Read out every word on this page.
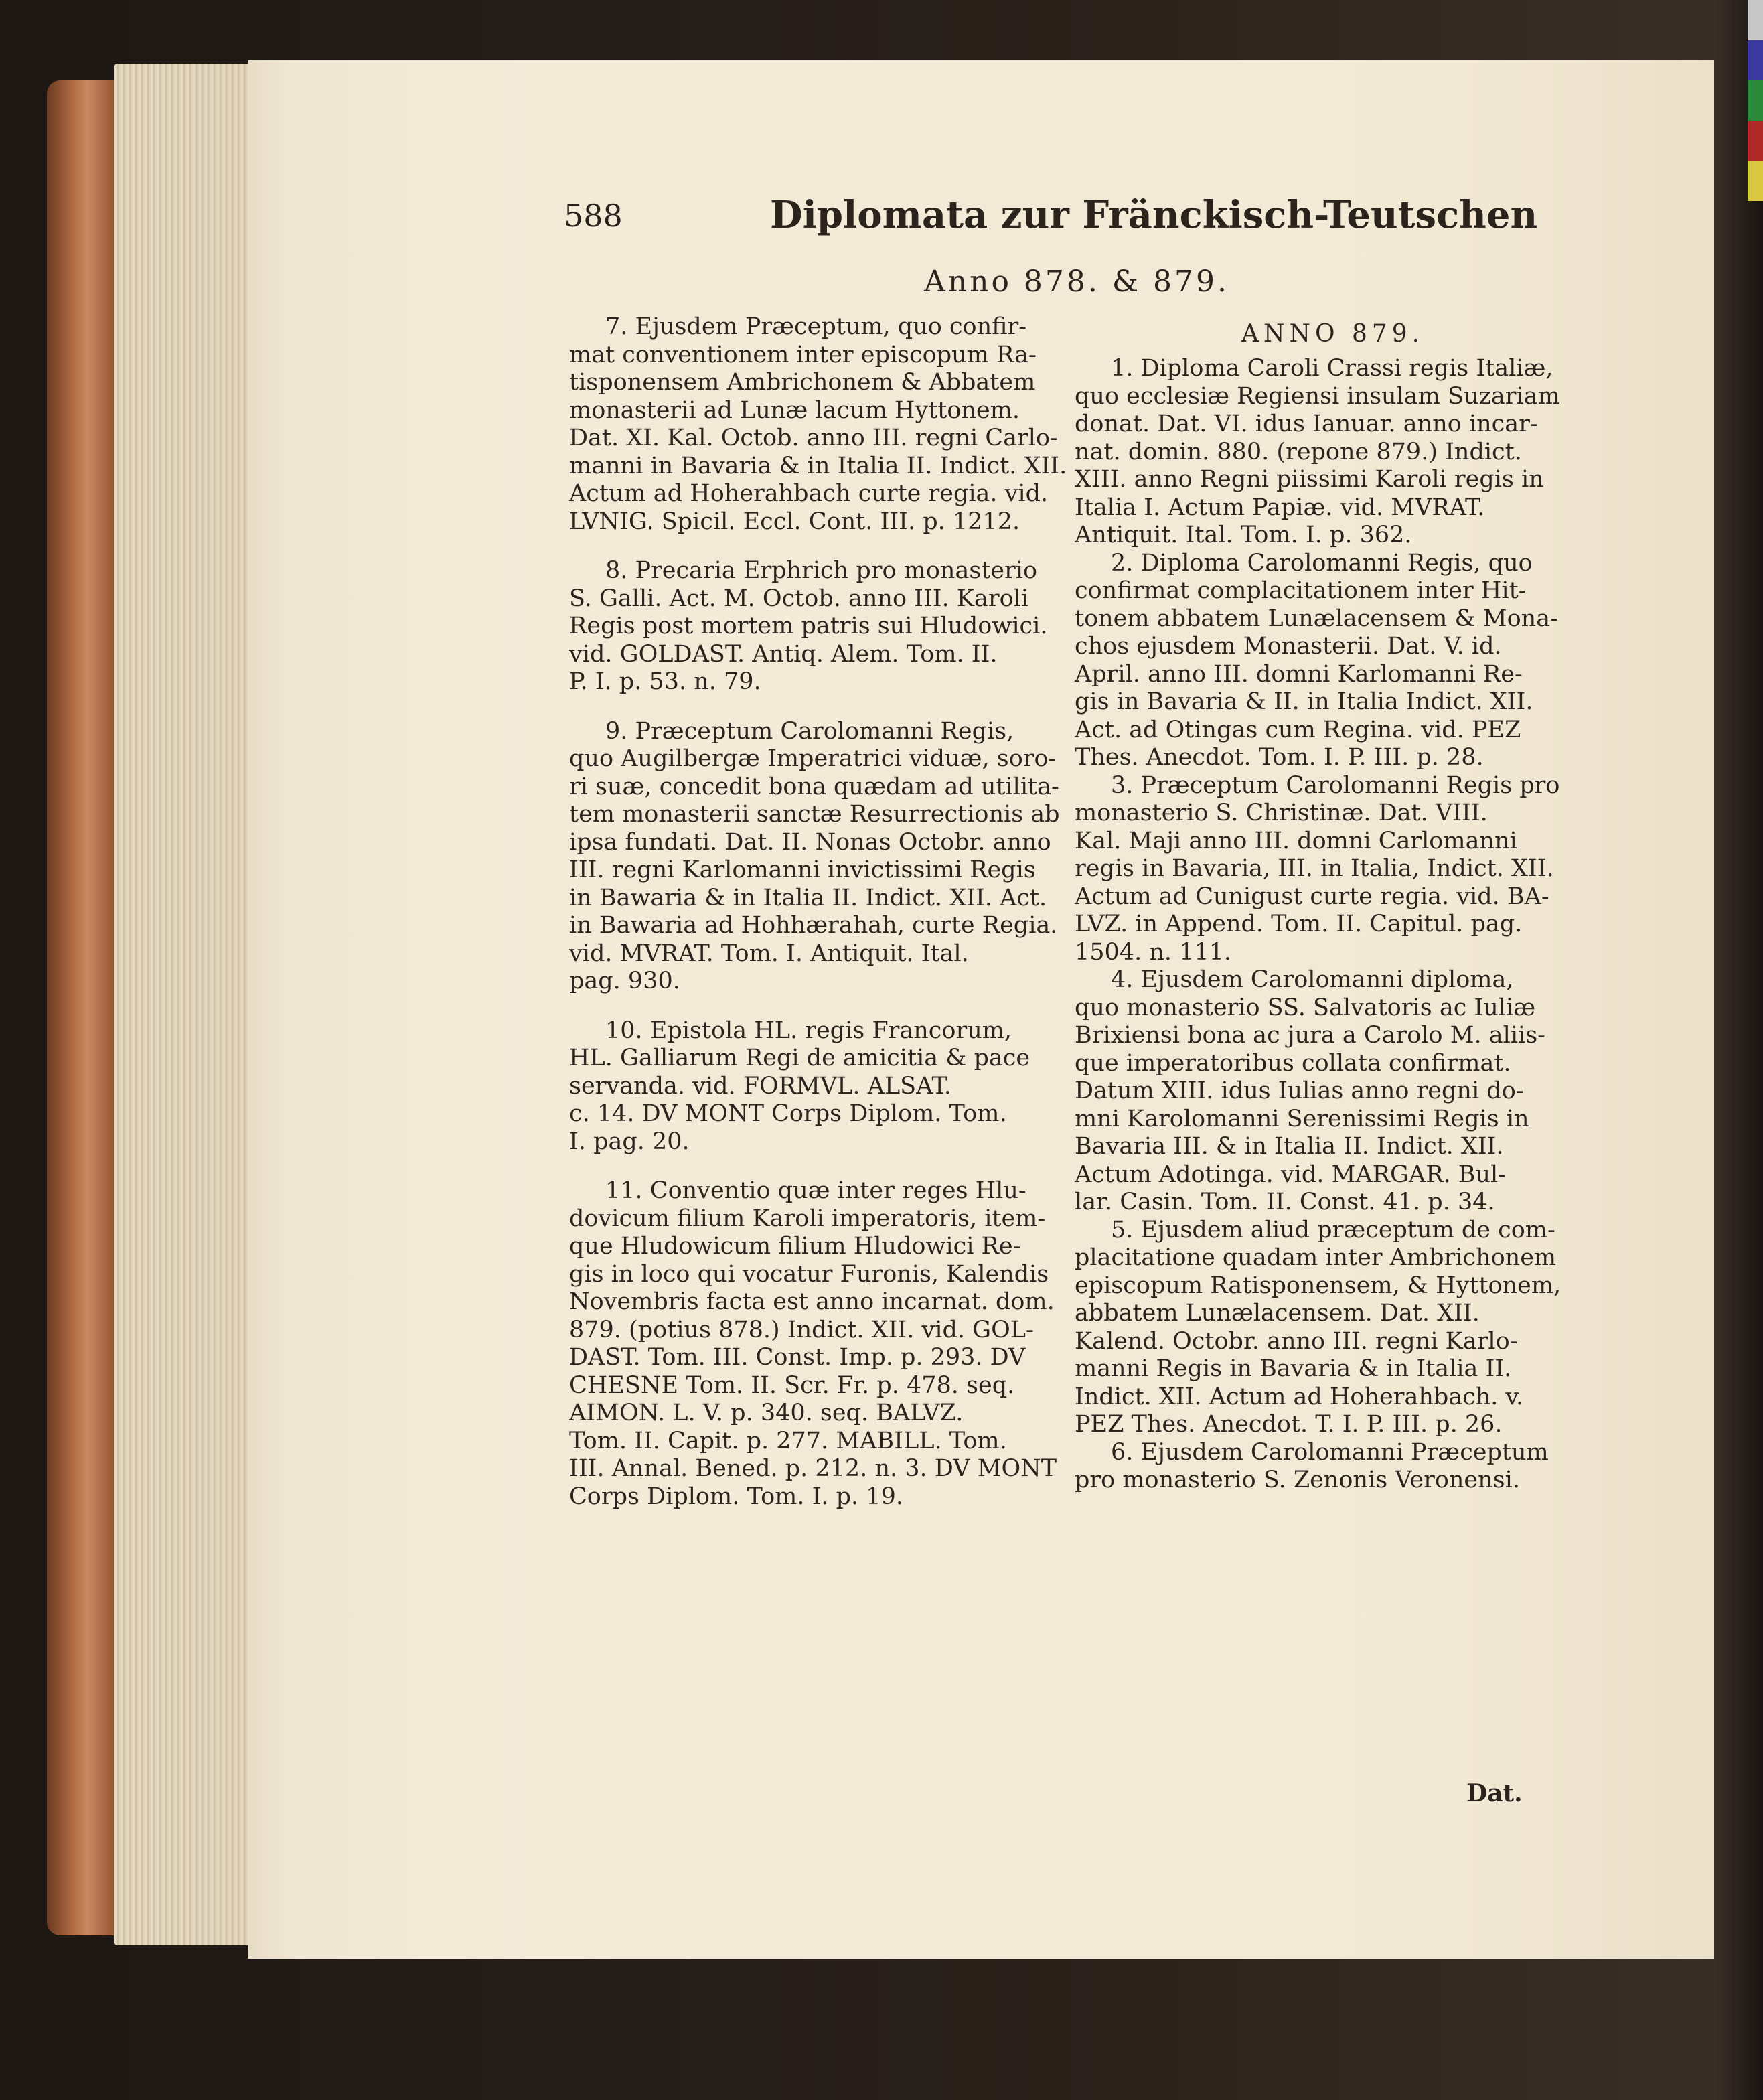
588	Diplomata zur Fränckisch-Teutschen
Anno 878. & 879.
7. Ejusdem Præceptum, quo confir-
mat conventionem inter episcopum Ra-
tisponensem Ambrichonem & Abbatem
monasterii ad Lunæ lacum Hyttonem.
Dat. XI. Kal. Octob. anno III. regni Carlo-
manni in Bavaria & in Italia II. Indict. XII.
Actum ad Hoherahbach curte regia. vid.
LVNIG. Spicil. Eccl. Cont. III. p. 1212.
8. Precaria Erphrich pro monasterio
S. Galli. Act. M. Octob. anno III. Karoli
Regis post mortem patris sui Hludowici.
vid. GOLDAST. Antiq. Alem. Tom. II.
P. I. p. 53. n. 79.
9. Præceptum Carolomanni Regis,
quo Augilbergæ Imperatrici viduæ, soro-
ri suæ, concedit bona quædam ad utilita-
tem monasterii sanctæ Resurrectionis ab
ipsa fundati. Dat. II. Nonas Octobr. anno
III. regni Karlomanni invictissimi Regis
in Bawaria & in Italia II. Indict. XII. Act.
in Bawaria ad Hohhærahah, curte Regia.
vid. MVRAT. Tom. I. Antiquit. Ital.
pag. 930.
10. Epistola HL. regis Francorum,
HL. Galliarum Regi de amicitia & pace
servanda. vid. FORMVL. ALSAT.
c. 14. DV MONT Corps Diplom. Tom.
I. pag. 20.
11. Conventio quæ inter reges Hlu-
dovicum filium Karoli imperatoris, item-
que Hludowicum filium Hludowici Re-
gis in loco qui vocatur Furonis, Kalendis
Novembris facta est anno incarnat. dom.
879. (potius 878.) Indict. XII. vid. GOL-
DAST. Tom. III. Const. Imp. p. 293. DV
CHESNE Tom. II. Scr. Fr. p. 478. seq.
AIMON. L. V. p. 340. seq. BALVZ.
Tom. II. Capit. p. 277. MABILL. Tom.
III. Annal. Bened. p. 212. n. 3. DV MONT
Corps Diplom. Tom. I. p. 19.
ANNO 879.
1. Diploma Caroli Crassi regis Italiæ,
quo ecclesiæ Regiensi insulam Suzariam
donat. Dat. VI. idus Ianuar. anno incar-
nat. domin. 880. (repone 879.) Indict.
XIII. anno Regni piissimi Karoli regis in
Italia I. Actum Papiæ. vid. MVRAT.
Antiquit. Ital. Tom. I. p. 362.
2. Diploma Carolomanni Regis, quo
confirmat complacitationem inter Hit-
tonem abbatem Lunælacensem & Mona-
chos ejusdem Monasterii. Dat. V. id.
April. anno III. domni Karlomanni Re-
gis in Bavaria & II. in Italia Indict. XII.
Act. ad Otingas cum Regina. vid. PEZ
Thes. Anecdot. Tom. I. P. III. p. 28.
3. Præceptum Carolomanni Regis pro
monasterio S. Christinæ. Dat. VIII.
Kal. Maji anno III. domni Carlomanni
regis in Bavaria, III. in Italia, Indict. XII.
Actum ad Cunigust curte regia. vid. BA-
LVZ. in Append. Tom. II. Capitul. pag.
1504. n. 111.
4. Ejusdem Carolomanni diploma,
quo monasterio SS. Salvatoris ac Iuliæ
Brixiensi bona ac jura a Carolo M. aliis-
que imperatoribus collata confirmat.
Datum XIII. idus Iulias anno regni do-
mni Karolomanni Serenissimi Regis in
Bavaria III. & in Italia II. Indict. XII.
Actum Adotinga. vid. MARGAR. Bul-
lar. Casin. Tom. II. Const. 41. p. 34.
5. Ejusdem aliud præceptum de com-
placitatione quadam inter Ambrichonem
episcopum Ratisponensem, & Hyttonem,
abbatem Lunælacensem. Dat. XII.
Kalend. Octobr. anno III. regni Karlo-
manni Regis in Bavaria & in Italia II.
Indict. XII. Actum ad Hoherahbach. v.
PEZ Thes. Anecdot. T. I. P. III. p. 26.
6. Ejusdem Carolomanni Præceptum
pro monasterio S. Zenonis Veronensi.
Dat.
